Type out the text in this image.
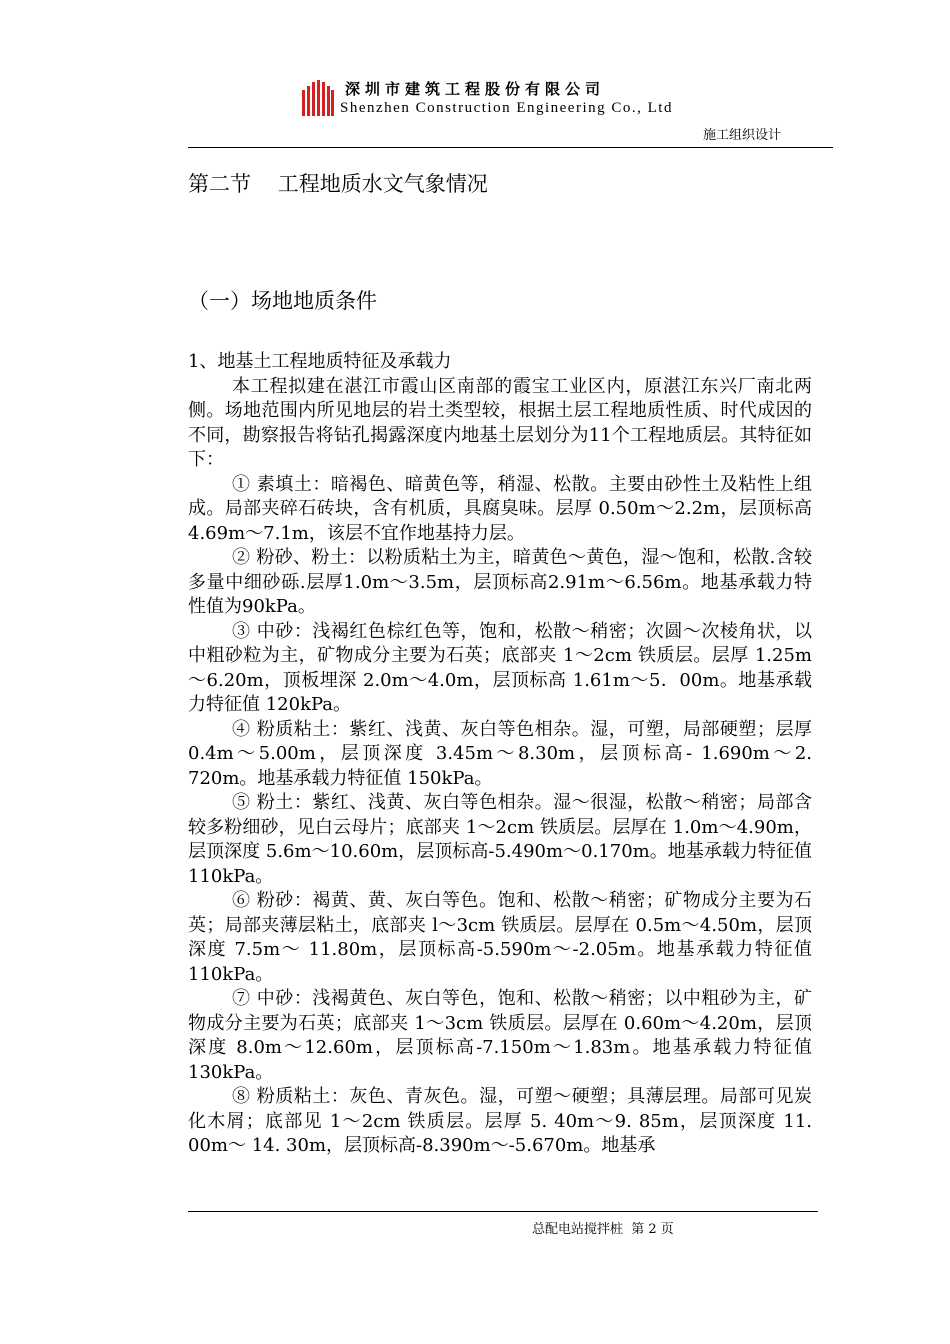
深圳市建筑工程股份有限公司
Shenzhen Construction Engineering Co., Ltd
施工组织设计
第二节    工程地质水文气象情况
（一）场地地质条件

1、地基土工程地质特征及承载力

本工程拟建在湛江市霞山区南部的霞宝工业区内，原湛江东兴厂南北两侧。场地范围内所见地层的岩土类型较，根据土层工程地质性质、时代成因的不同，勘察报告将钻孔揭露深度内地基土层划分为11个工程地质层。其特征如下：

① 素填土：暗褐色、暗黄色等，稍湿、松散。主要由砂性土及粘性上组成。局部夹碎石砖块，含有机质，具腐臭味。层厚 0.50m～2.2m，层顶标高 4.69m～7.1m，该层不宜作地基持力层。

② 粉砂、粉土：以粉质粘土为主，暗黄色～黄色，湿～饱和，松散.含较多量中细砂砾.层厚1.0m～3.5m，层顶标高2.91m～6.56m。地基承载力特性值为90kPa。

③ 中砂：浅褐红色棕红色等，饱和，松散～稍密；次圆～次棱角状，以中粗砂粒为主，矿物成分主要为石英；底部夹 1～2cm 铁质层。层厚 1.25m～6.20m，顶板埋深 2.0m～4.0m，层顶标高 1.61m～5．00m。地基承载力特征值 120kPa。

④ 粉质粘土：紫红、浅黄、灰白等色相杂。湿，可塑，局部硬塑；层厚 0.4m～5.00m，层顶深度 3.45m～8.30m，层顶标高- 1.690m～2. 720m。地基承载力特征值 150kPa。

⑤ 粉土：紫红、浅黄、灰白等色相杂。湿～很湿，松散～稍密；局部含较多粉细砂，见白云母片；底部夹 1～2cm 铁质层。层厚在 1.0m～4.90m，层顶深度 5.6m～10.60m，层顶标高-5.490m～0.170m。地基承载力特征值 110kPa。

⑥ 粉砂：褐黄、黄、灰白等色。饱和、松散～稍密；矿物成分主要为石英；局部夹薄层粘土，底部夹 l～3cm 铁质层。层厚在 0.5m～4.50m，层顶深度 7.5m～ 11.80m，层顶标高-5.590m～-2.05m。地基承载力特征值 110kPa。

⑦ 中砂：浅褐黄色、灰白等色，饱和、松散～稍密；以中粗砂为主，矿物成分主要为石英；底部夹 1～3cm 铁质层。层厚在 0.60m～4.20m，层顶深度 8.0m～12.60m，层顶标高-7.150m～1.83m。地基承载力特征值 130kPa。

⑧ 粉质粘土：灰色、青灰色。湿，可塑～硬塑；具薄层理。局部可见炭化木屑；底部见 1～2cm 铁质层。层厚 5. 40m～9. 85m，层顶深度 11. 00m～ 14. 30m，层顶标高-8.390m～-5.670m。地基承

总配电站搅拌桩  第 2 页
